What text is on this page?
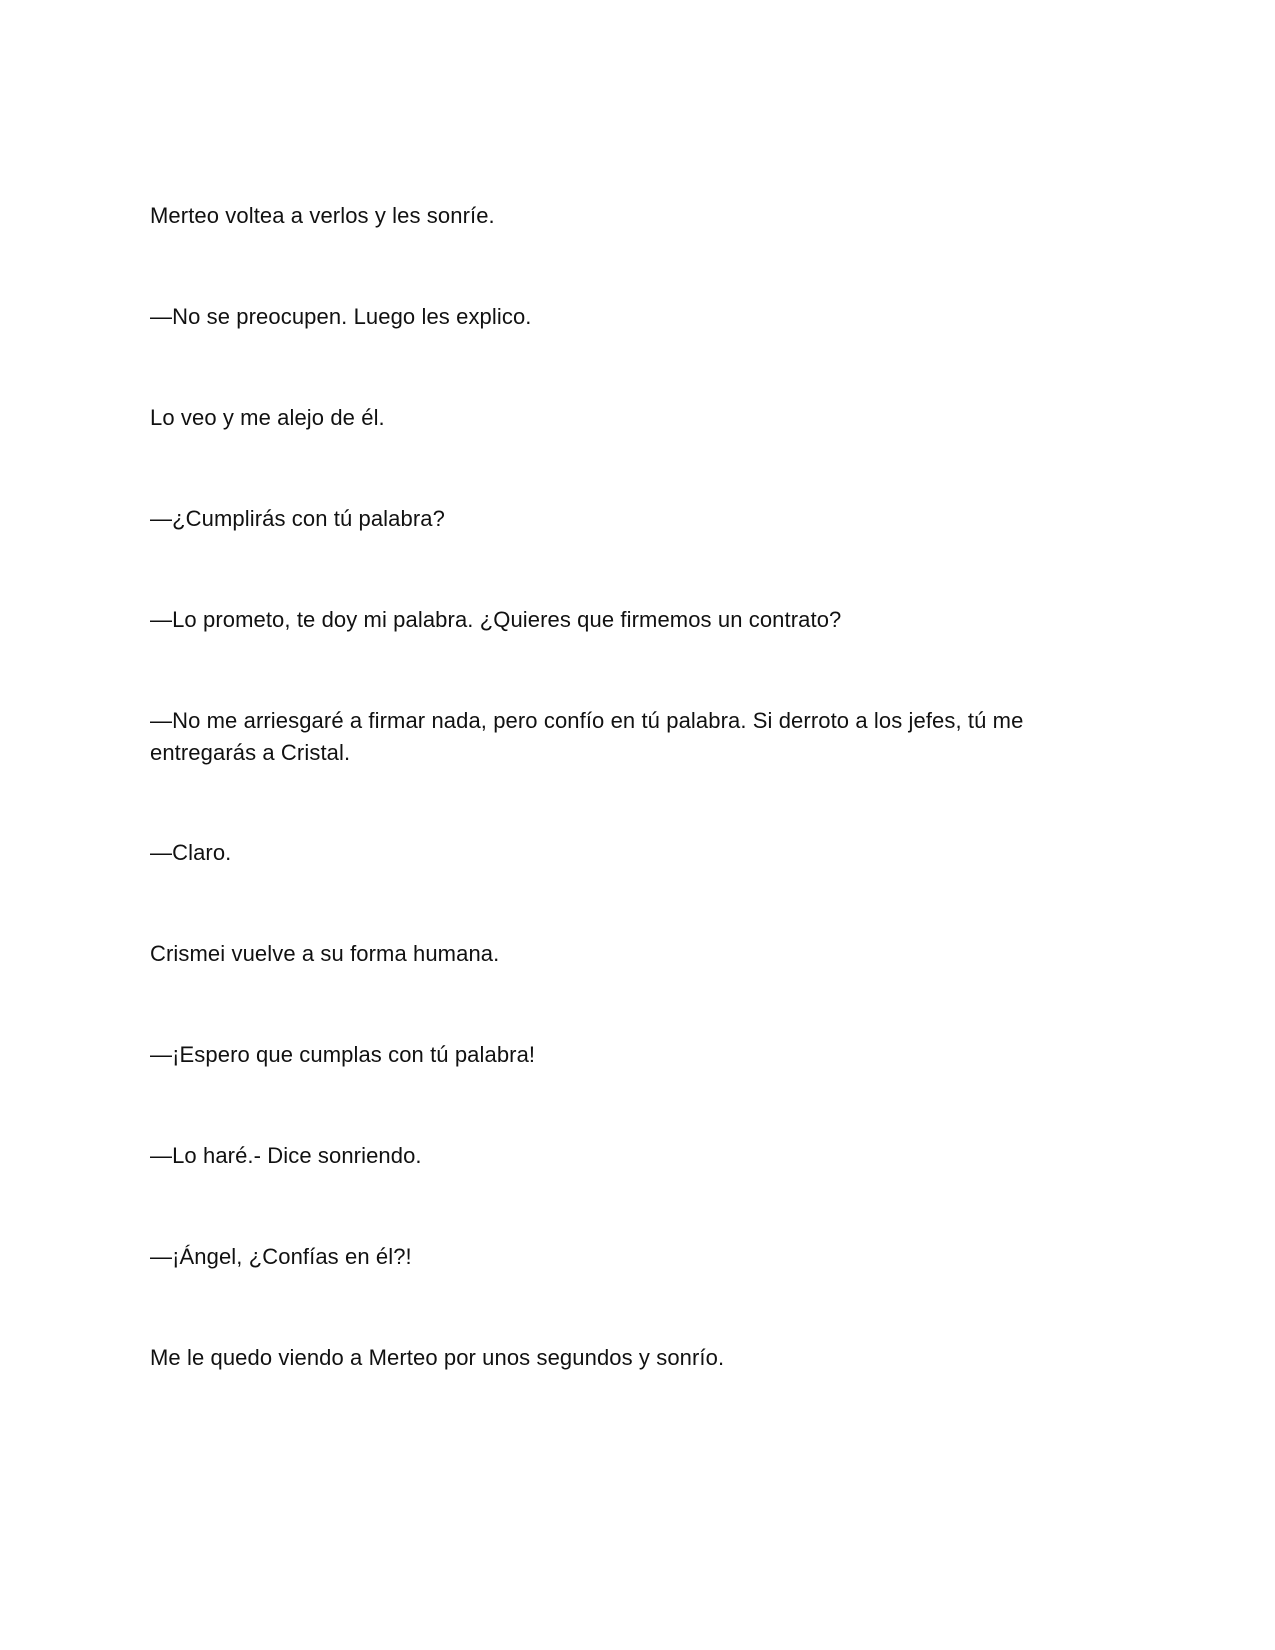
Merteo voltea a verlos y les sonríe.

—No se preocupen. Luego les explico.

Lo veo y me alejo de él.

—¿Cumplirás con tú palabra?

—Lo prometo, te doy mi palabra. ¿Quieres que firmemos un contrato?

—No me arriesgaré a firmar nada, pero confío en tú palabra. Si derroto a los jefes, tú me entregarás a Cristal.

—Claro.

Crismei vuelve a su forma humana.

—¡Espero que cumplas con tú palabra!

—Lo haré.- Dice sonriendo.

—¡Ángel, ¿Confías en él?!

Me le quedo viendo a Merteo por unos segundos y sonrío.
